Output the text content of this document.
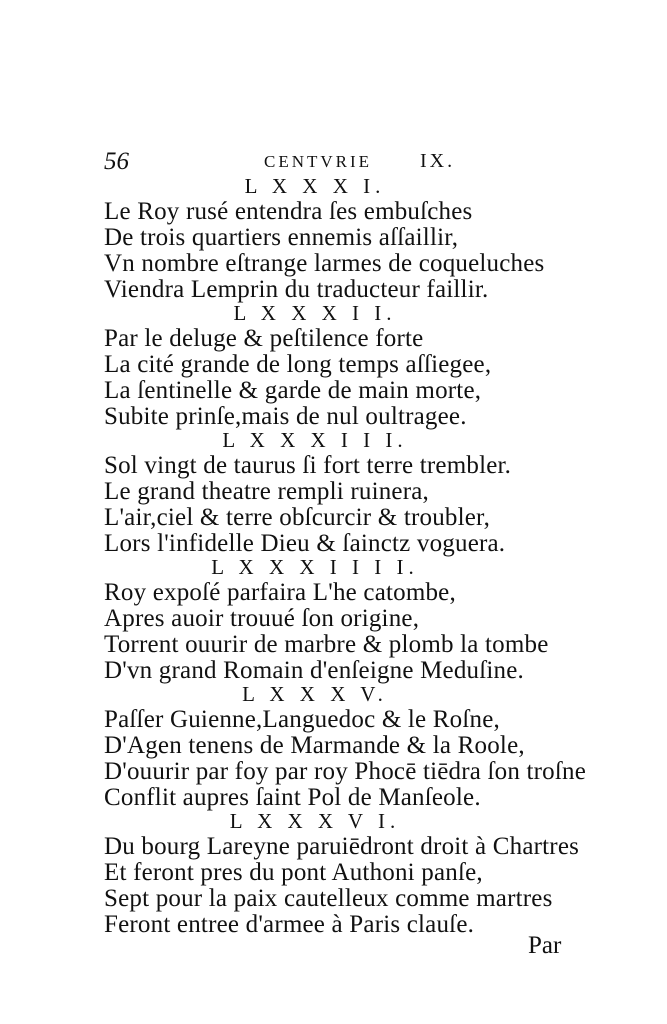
56	CENTVRIE IX.
L X X X I.
Le Roy rusé entendra ſes embuſches
De trois quartiers ennemis aſſaillir,
Vn nombre eſtrange larmes de coqueluches
Viendra Lemprin du traducteur faillir.
L X X X I I.
Par le deluge & peſtilence forte
La cité grande de long temps aſſiegee,
La ſentinelle & garde de main morte,
Subite prinſe,mais de nul oultragee.
L X X X I I I.
Sol vingt de taurus ſi fort terre trembler.
Le grand theatre rempli ruinera,
L'air,ciel & terre obſcurcir & troubler,
Lors l'infidelle Dieu & ſainctz voguera.
L X X X I I I I.
Roy expoſé parfaira L'he catombe,
Apres auoir trouué ſon origine,
Torrent ouurir de marbre & plomb la tombe
D'vn grand Romain d'enſeigne Meduſine.
L X X X V.
Paſſer Guienne,Languedoc & le Roſne,
D'Agen tenens de Marmande & la Roole,
D'ouurir par foy par roy Phocē tiēdra ſon troſne
Conflit aupres ſaint Pol de Manſeole.
L X X X V I.
Du bourg Lareyne paruiēdront droit à Chartres
Et feront pres du pont Authoni panſe,
Sept pour la paix cautelleux comme martres
Feront entree d'armee à Paris clauſe.
Par
